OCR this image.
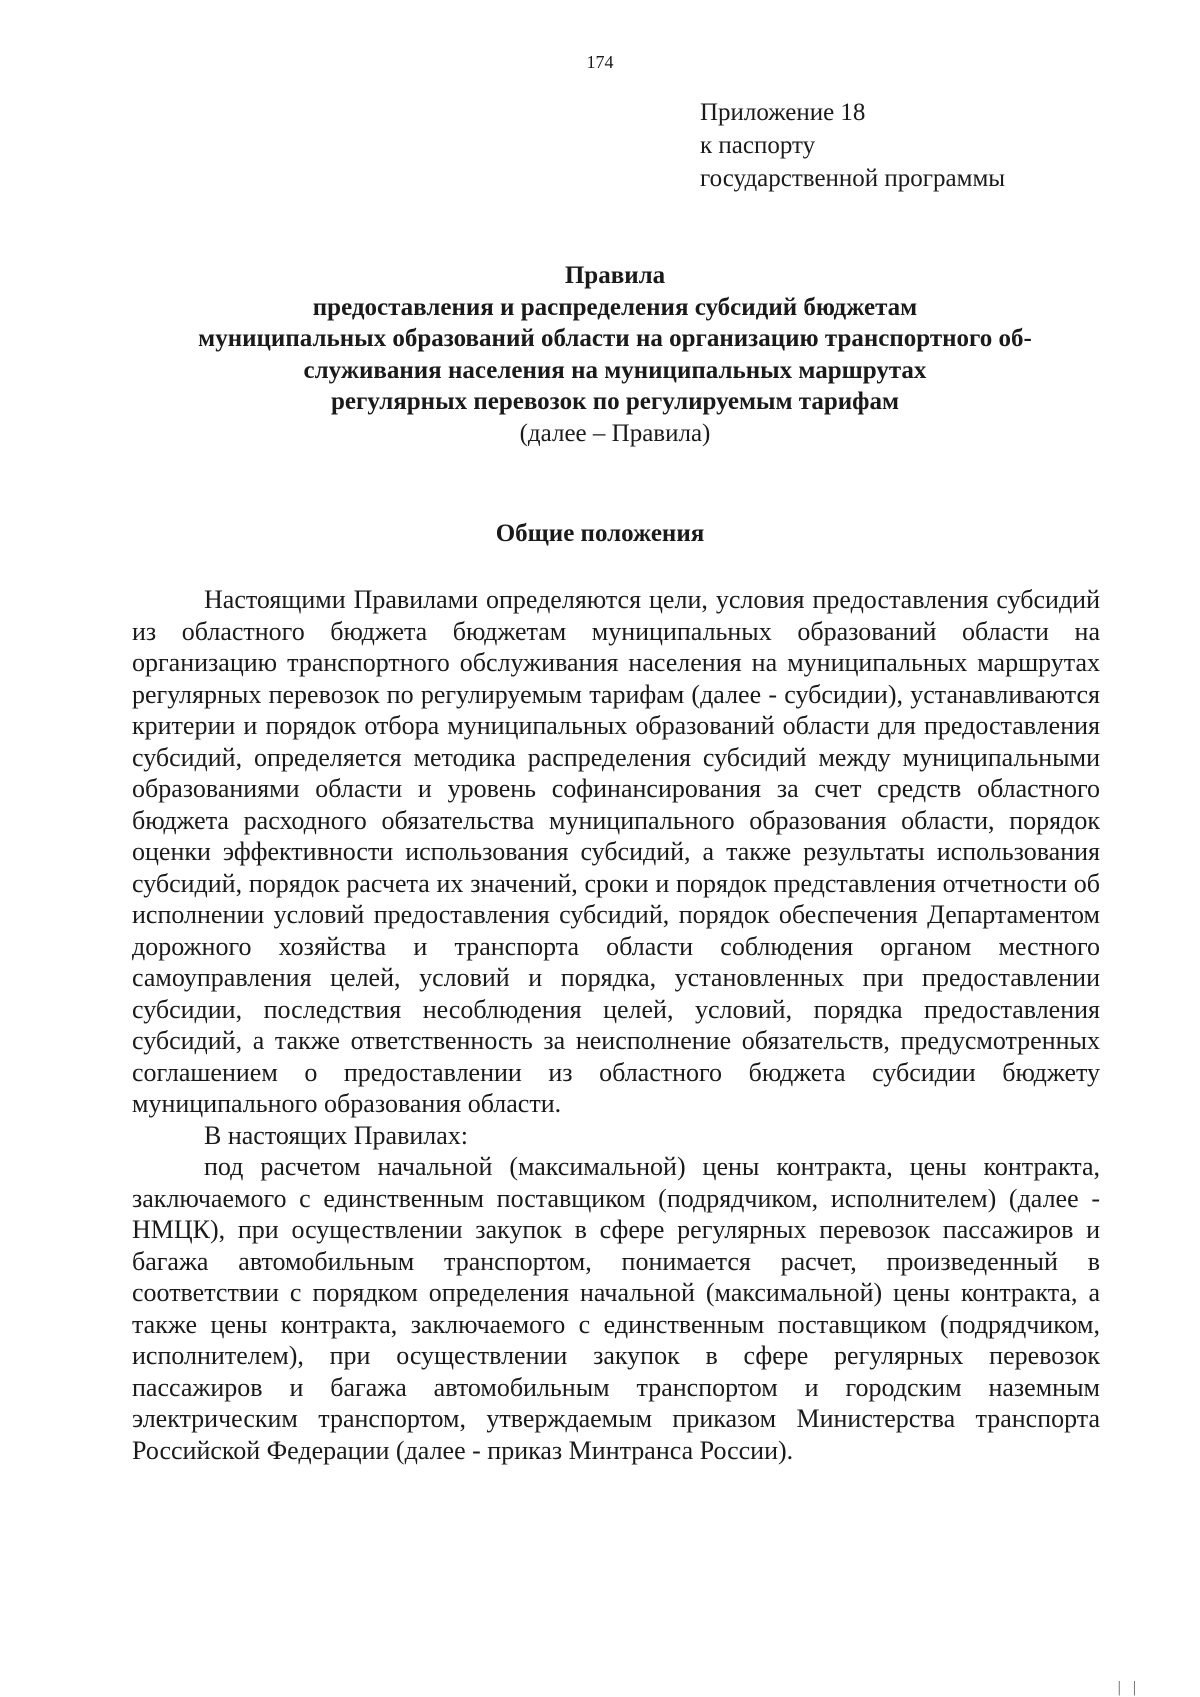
174
Приложение 18
к паспорту
государственной программы
Правила
предоставления и распределения субсидий бюджетам
муниципальных образований области на организацию транспортного об-
служивания населения на муниципальных маршрутах
регулярных перевозок по регулируемым тарифам
(далее – Правила)
Общие положения

Настоящими Правилами определяются цели, условия предоставления субсидий из областного бюджета бюджетам муниципальных образований области на организацию транспортного обслуживания населения на муниципальных маршрутах регулярных перевозок по регулируемым тарифам (далее - субсидии), устанавливаются критерии и порядок отбора муниципальных образований области для предоставления субсидий, определяется методика распределения субсидий между муниципальными образованиями области и уровень софинансирования за счет средств областного бюджета расходного обязательства муниципального образования области, порядок оценки эффективности использования субсидий, а также результаты использования субсидий, порядок расчета их значений, сроки и порядок представления отчетности об исполнении условий предоставления субсидий, порядок обеспечения Департаментом дорожного хозяйства и транспорта области соблюдения органом местного самоуправления целей, условий и порядка, установленных при предоставлении субсидии, последствия несоблюдения целей, условий, порядка предоставления субсидий, а также ответственность за неисполнение обязательств, предусмотренных соглашением о предоставлении из областного бюджета субсидии бюджету муниципального образования области.

В настоящих Правилах:

под расчетом начальной (максимальной) цены контракта, цены контракта, заключаемого с единственным поставщиком (подрядчиком, исполнителем) (далее - НМЦК), при осуществлении закупок в сфере регулярных перевозок пассажиров и багажа автомобильным транспортом, понимается расчет, произведенный в соответствии с порядком определения начальной (максимальной) цены контракта, а также цены контракта, заключаемого с единственным поставщиком (подрядчиком, исполнителем), при осуществлении закупок в сфере регулярных перевозок пассажиров и багажа автомобильным транспортом и городским наземным электрическим транспортом, утверждаемым приказом Министерства транспорта Российской Федерации (далее - приказ Минтранса России).

| |
